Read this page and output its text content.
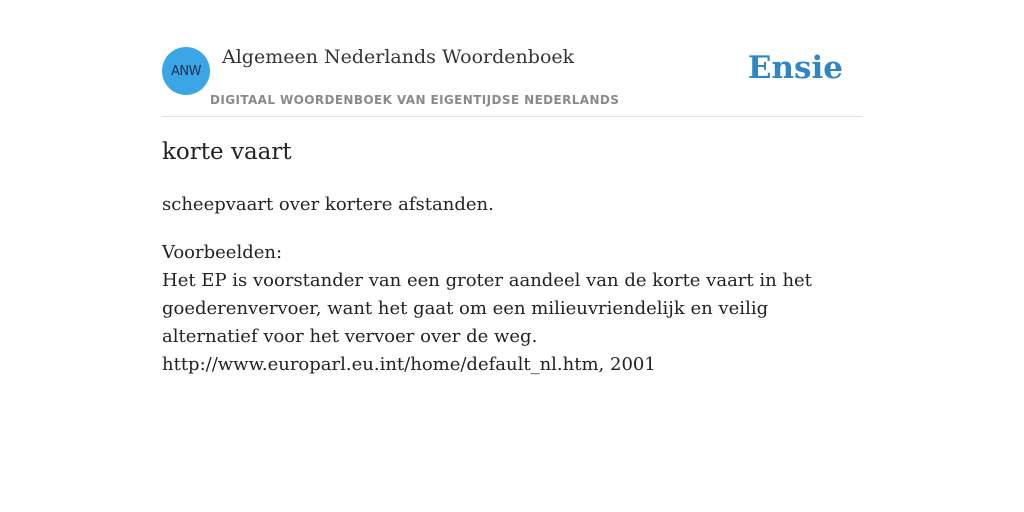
ANW
Algemeen Nederlands Woordenboek
DIGITAAL WOORDENBOEK VAN EIGENTIJDSE NEDERLANDS
Ensie
korte vaart

scheepvaart over kortere afstanden.

Voorbeelden:
Het EP is voorstander van een groter aandeel van de korte vaart in het goederenvervoer, want het gaat om een milieuvriendelijk en veilig alternatief voor het vervoer over de weg.
http://www.europarl.eu.int/home/default_nl.htm, 2001
